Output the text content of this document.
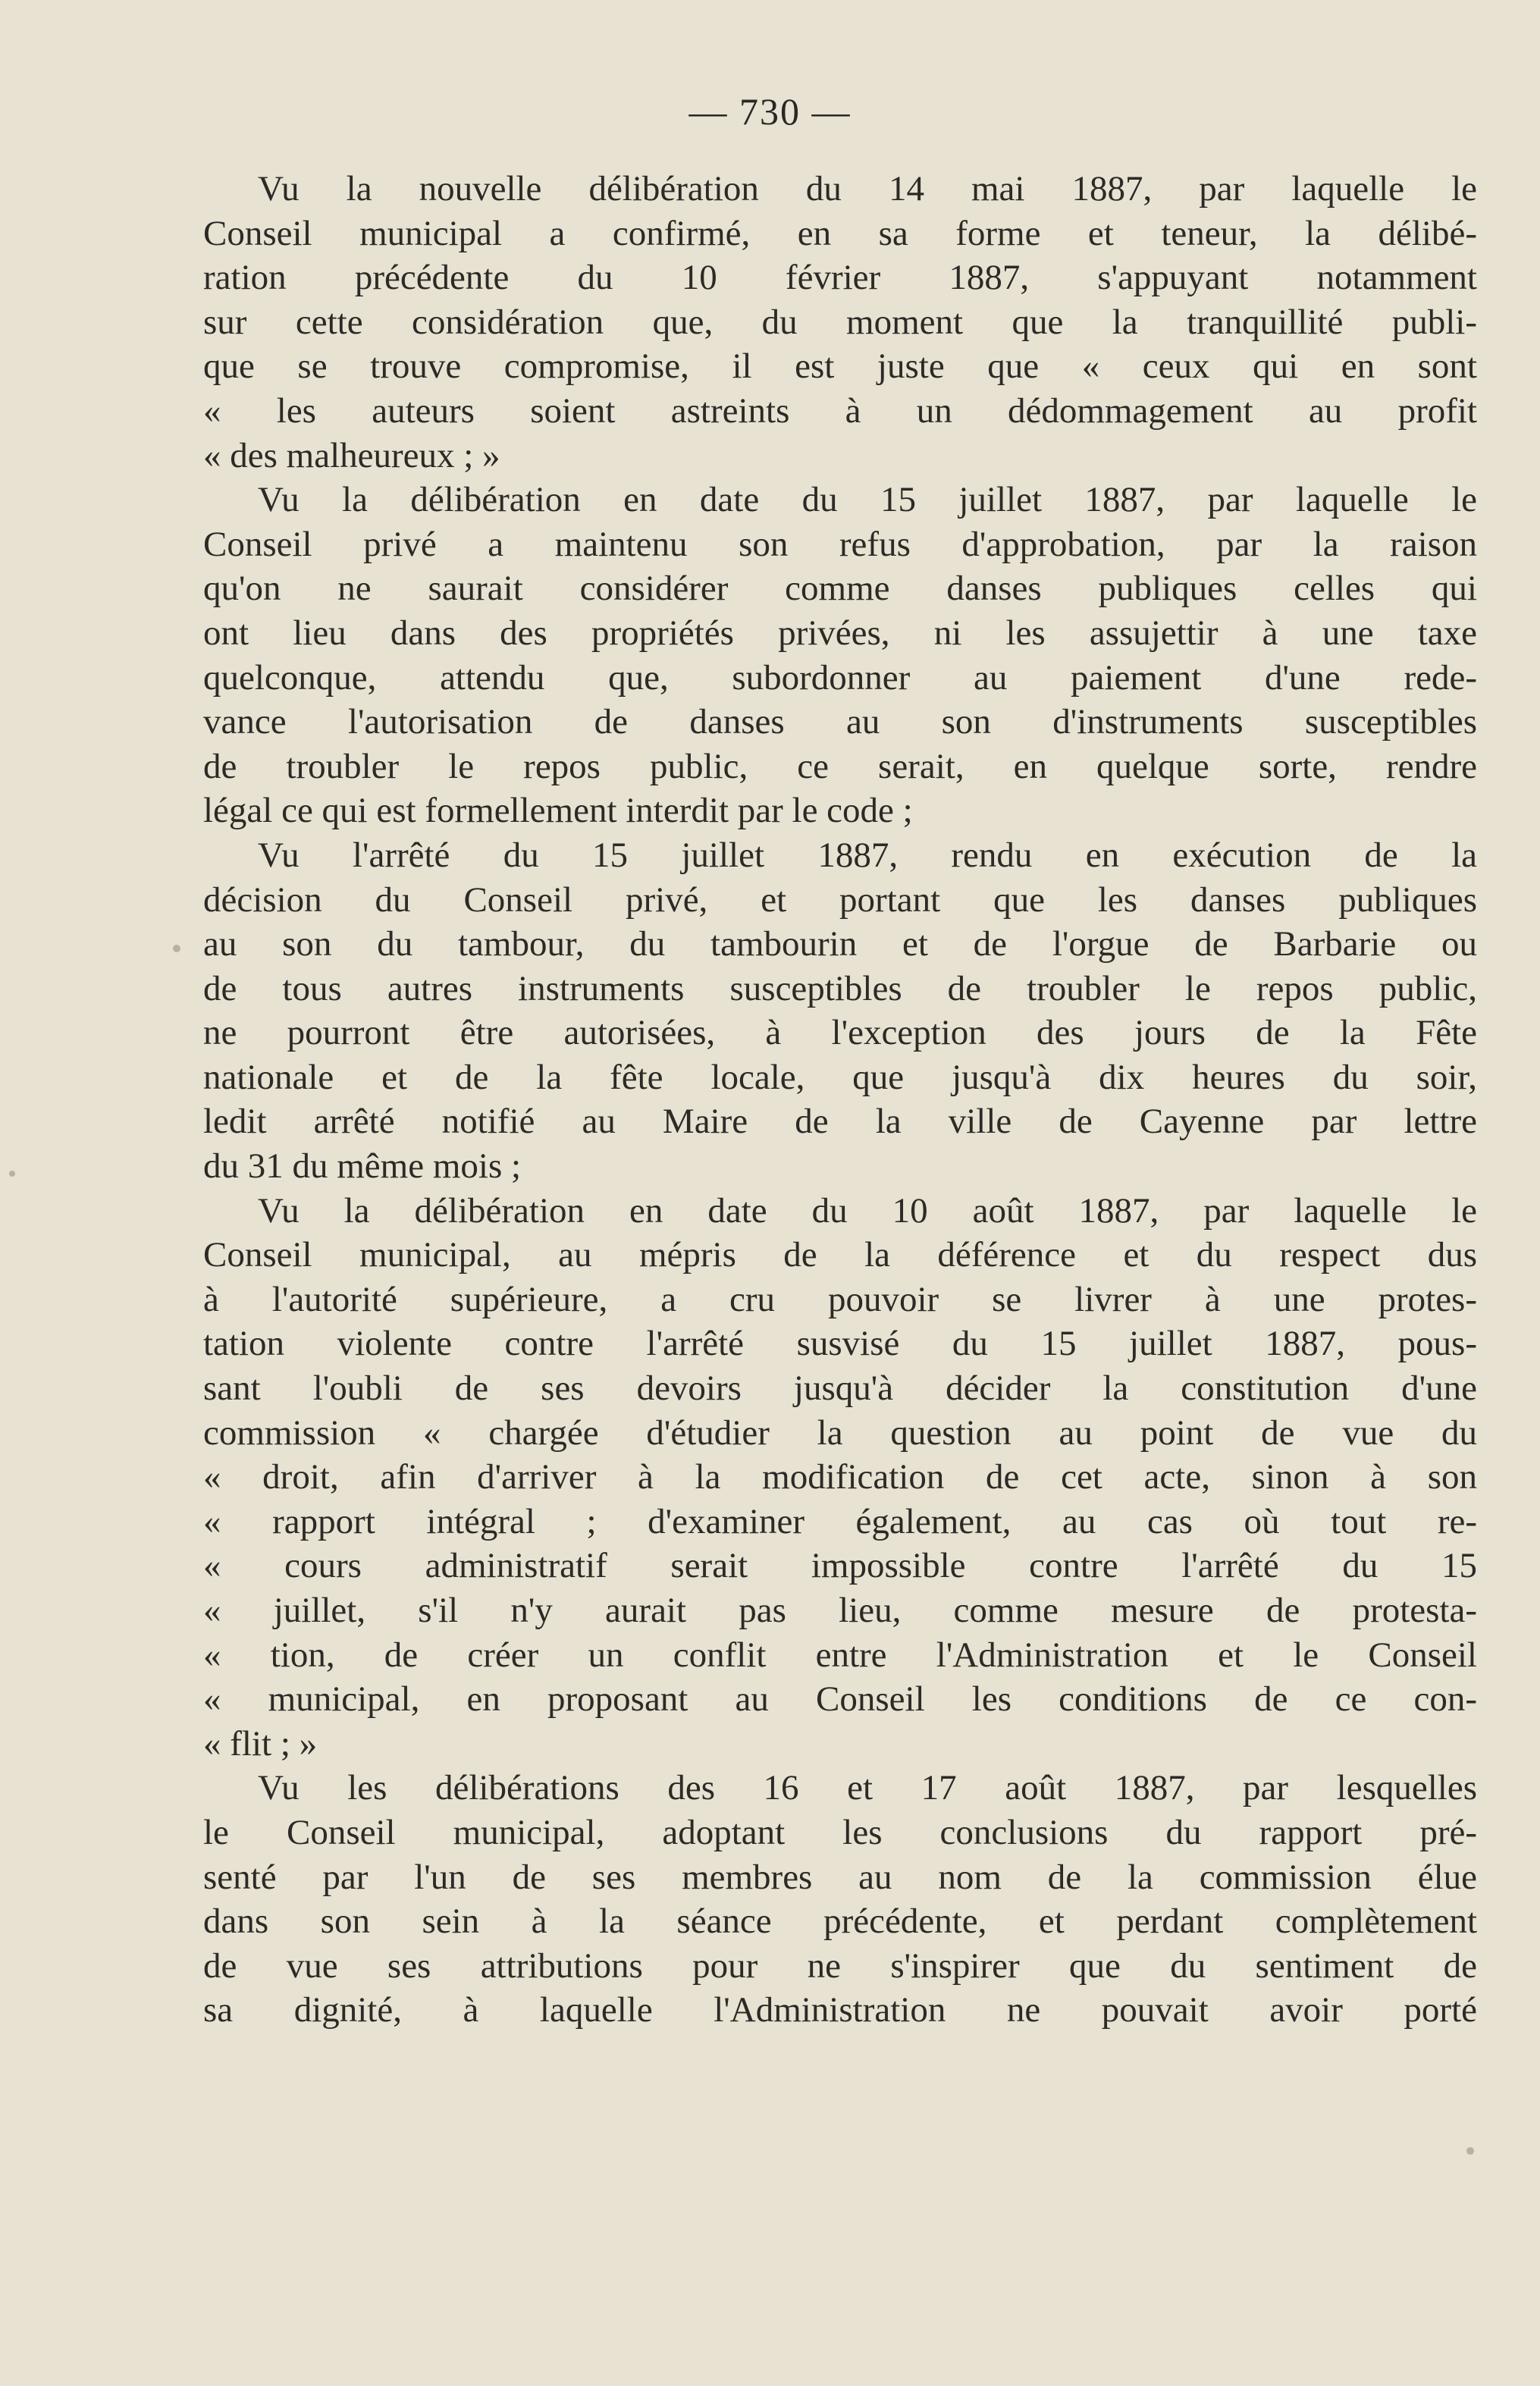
— 730 —
Vu la nouvelle délibération du 14 mai 1887, par laquelle le
Conseil municipal a confirmé, en sa forme et teneur, la délibé-
ration précédente du 10 février 1887, s'appuyant notamment
sur cette considération que, du moment que la tranquillité publi-
que se trouve compromise, il est juste que « ceux qui en sont
« les auteurs soient astreints à un dédommagement au profit
« des malheureux ; »
Vu la délibération en date du 15 juillet 1887, par laquelle le
Conseil privé a maintenu son refus d'approbation, par la raison
qu'on ne saurait considérer comme danses publiques celles qui
ont lieu dans des propriétés privées, ni les assujettir à une taxe
quelconque, attendu que, subordonner au paiement d'une rede-
vance l'autorisation de danses au son d'instruments susceptibles
de troubler le repos public, ce serait, en quelque sorte, rendre
légal ce qui est formellement interdit par le code ;
Vu l'arrêté du 15 juillet 1887, rendu en exécution de la
décision du Conseil privé, et portant que les danses publiques
au son du tambour, du tambourin et de l'orgue de Barbarie ou
de tous autres instruments susceptibles de troubler le repos public,
ne pourront être autorisées, à l'exception des jours de la Fête
nationale et de la fête locale, que jusqu'à dix heures du soir,
ledit arrêté notifié au Maire de la ville de Cayenne par lettre
du 31 du même mois ;
Vu la délibération en date du 10 août 1887, par laquelle le
Conseil municipal, au mépris de la déférence et du respect dus
à l'autorité supérieure, a cru pouvoir se livrer à une protes-
tation violente contre l'arrêté susvisé du 15 juillet 1887, pous-
sant l'oubli de ses devoirs jusqu'à décider la constitution d'une
commission « chargée d'étudier la question au point de vue du
« droit, afin d'arriver à la modification de cet acte, sinon à son
« rapport intégral ; d'examiner également, au cas où tout re-
« cours administratif serait impossible contre l'arrêté du 15
« juillet, s'il n'y aurait pas lieu, comme mesure de protesta-
« tion, de créer un conflit entre l'Administration et le Conseil
« municipal, en proposant au Conseil les conditions de ce con-
« flit ; »
Vu les délibérations des 16 et 17 août 1887, par lesquelles
le Conseil municipal, adoptant les conclusions du rapport pré-
senté par l'un de ses membres au nom de la commission élue
dans son sein à la séance précédente, et perdant complètement
de vue ses attributions pour ne s'inspirer que du sentiment de
sa dignité, à laquelle l'Administration ne pouvait avoir porté
